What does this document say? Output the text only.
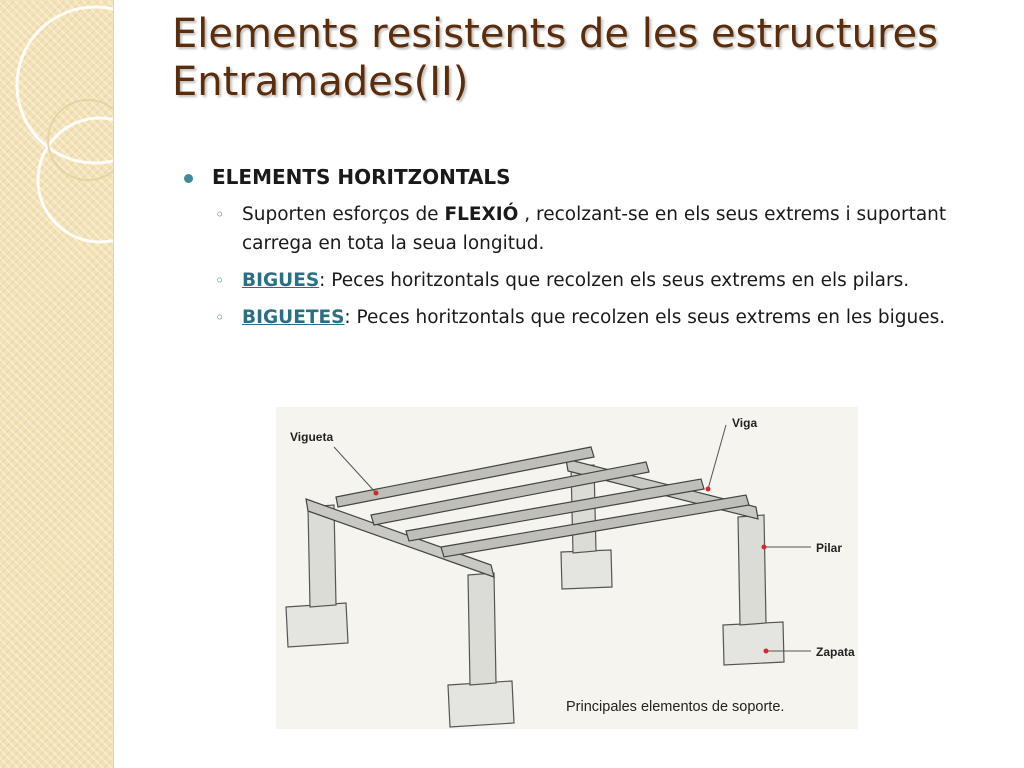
Elements resistents de les estructures
Entramades(II)
ELEMENTS HORITZONTALS
◦ Suporten esforços de FLEXIÓ , recolzant-se en els seus extrems i suportant carrega en tota la seua longitud.
◦ BIGUES: Peces horitzontals que recolzen els seus extrems en els pilars.
◦ BIGUETES: Peces horitzontals que recolzen els seus extrems en les bigues.
Vigueta
Viga
Pilar
Zapata
Principales elementos de soporte.
